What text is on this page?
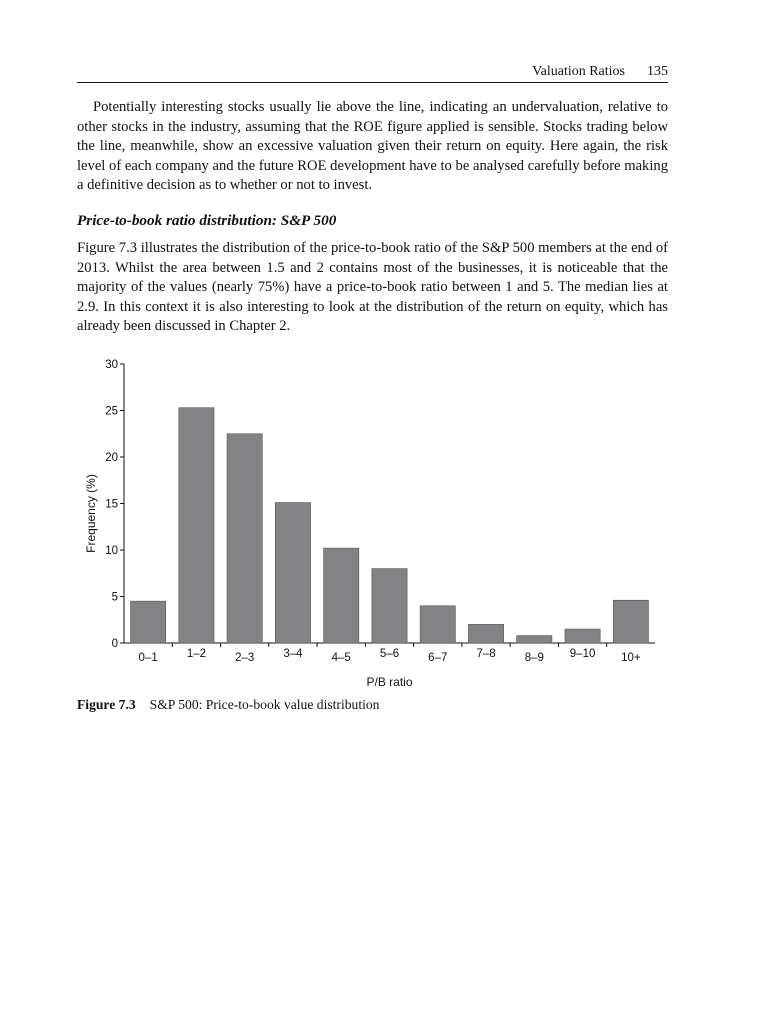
Valuation Ratios 135

Potentially interesting stocks usually lie above the line, indicating an undervaluation, relative to other stocks in the industry, assuming that the ROE figure applied is sensible. Stocks trading below the line, meanwhile, show an excessive valuation given their return on equity. Here again, the risk level of each company and the future ROE development have to be analysed carefully before making a definitive decision as to whether or not to invest.

Price-to-book ratio distribution: S&P 500

Figure 7.3 illustrates the distribution of the price-to-book ratio of the S&P 500 members at the end of 2013. Whilst the area between 1.5 and 2 contains most of the businesses, it is noticeable that the majority of the values (nearly 75%) have a price-to-book ratio between 1 and 5. The median lies at 2.9. In this context it is also interesting to look at the distribution of the return on equity, which has already been discussed in Chapter 2.

0–1	1–2	2–3	3–4	4–5	5–6	6–7	7–8	8–9 9–10 10+
0
5
10
15
20
25
30
P/B ratio
Frequency (%)
Figure 7.3 S&P 500: Price-to-book value distribution
